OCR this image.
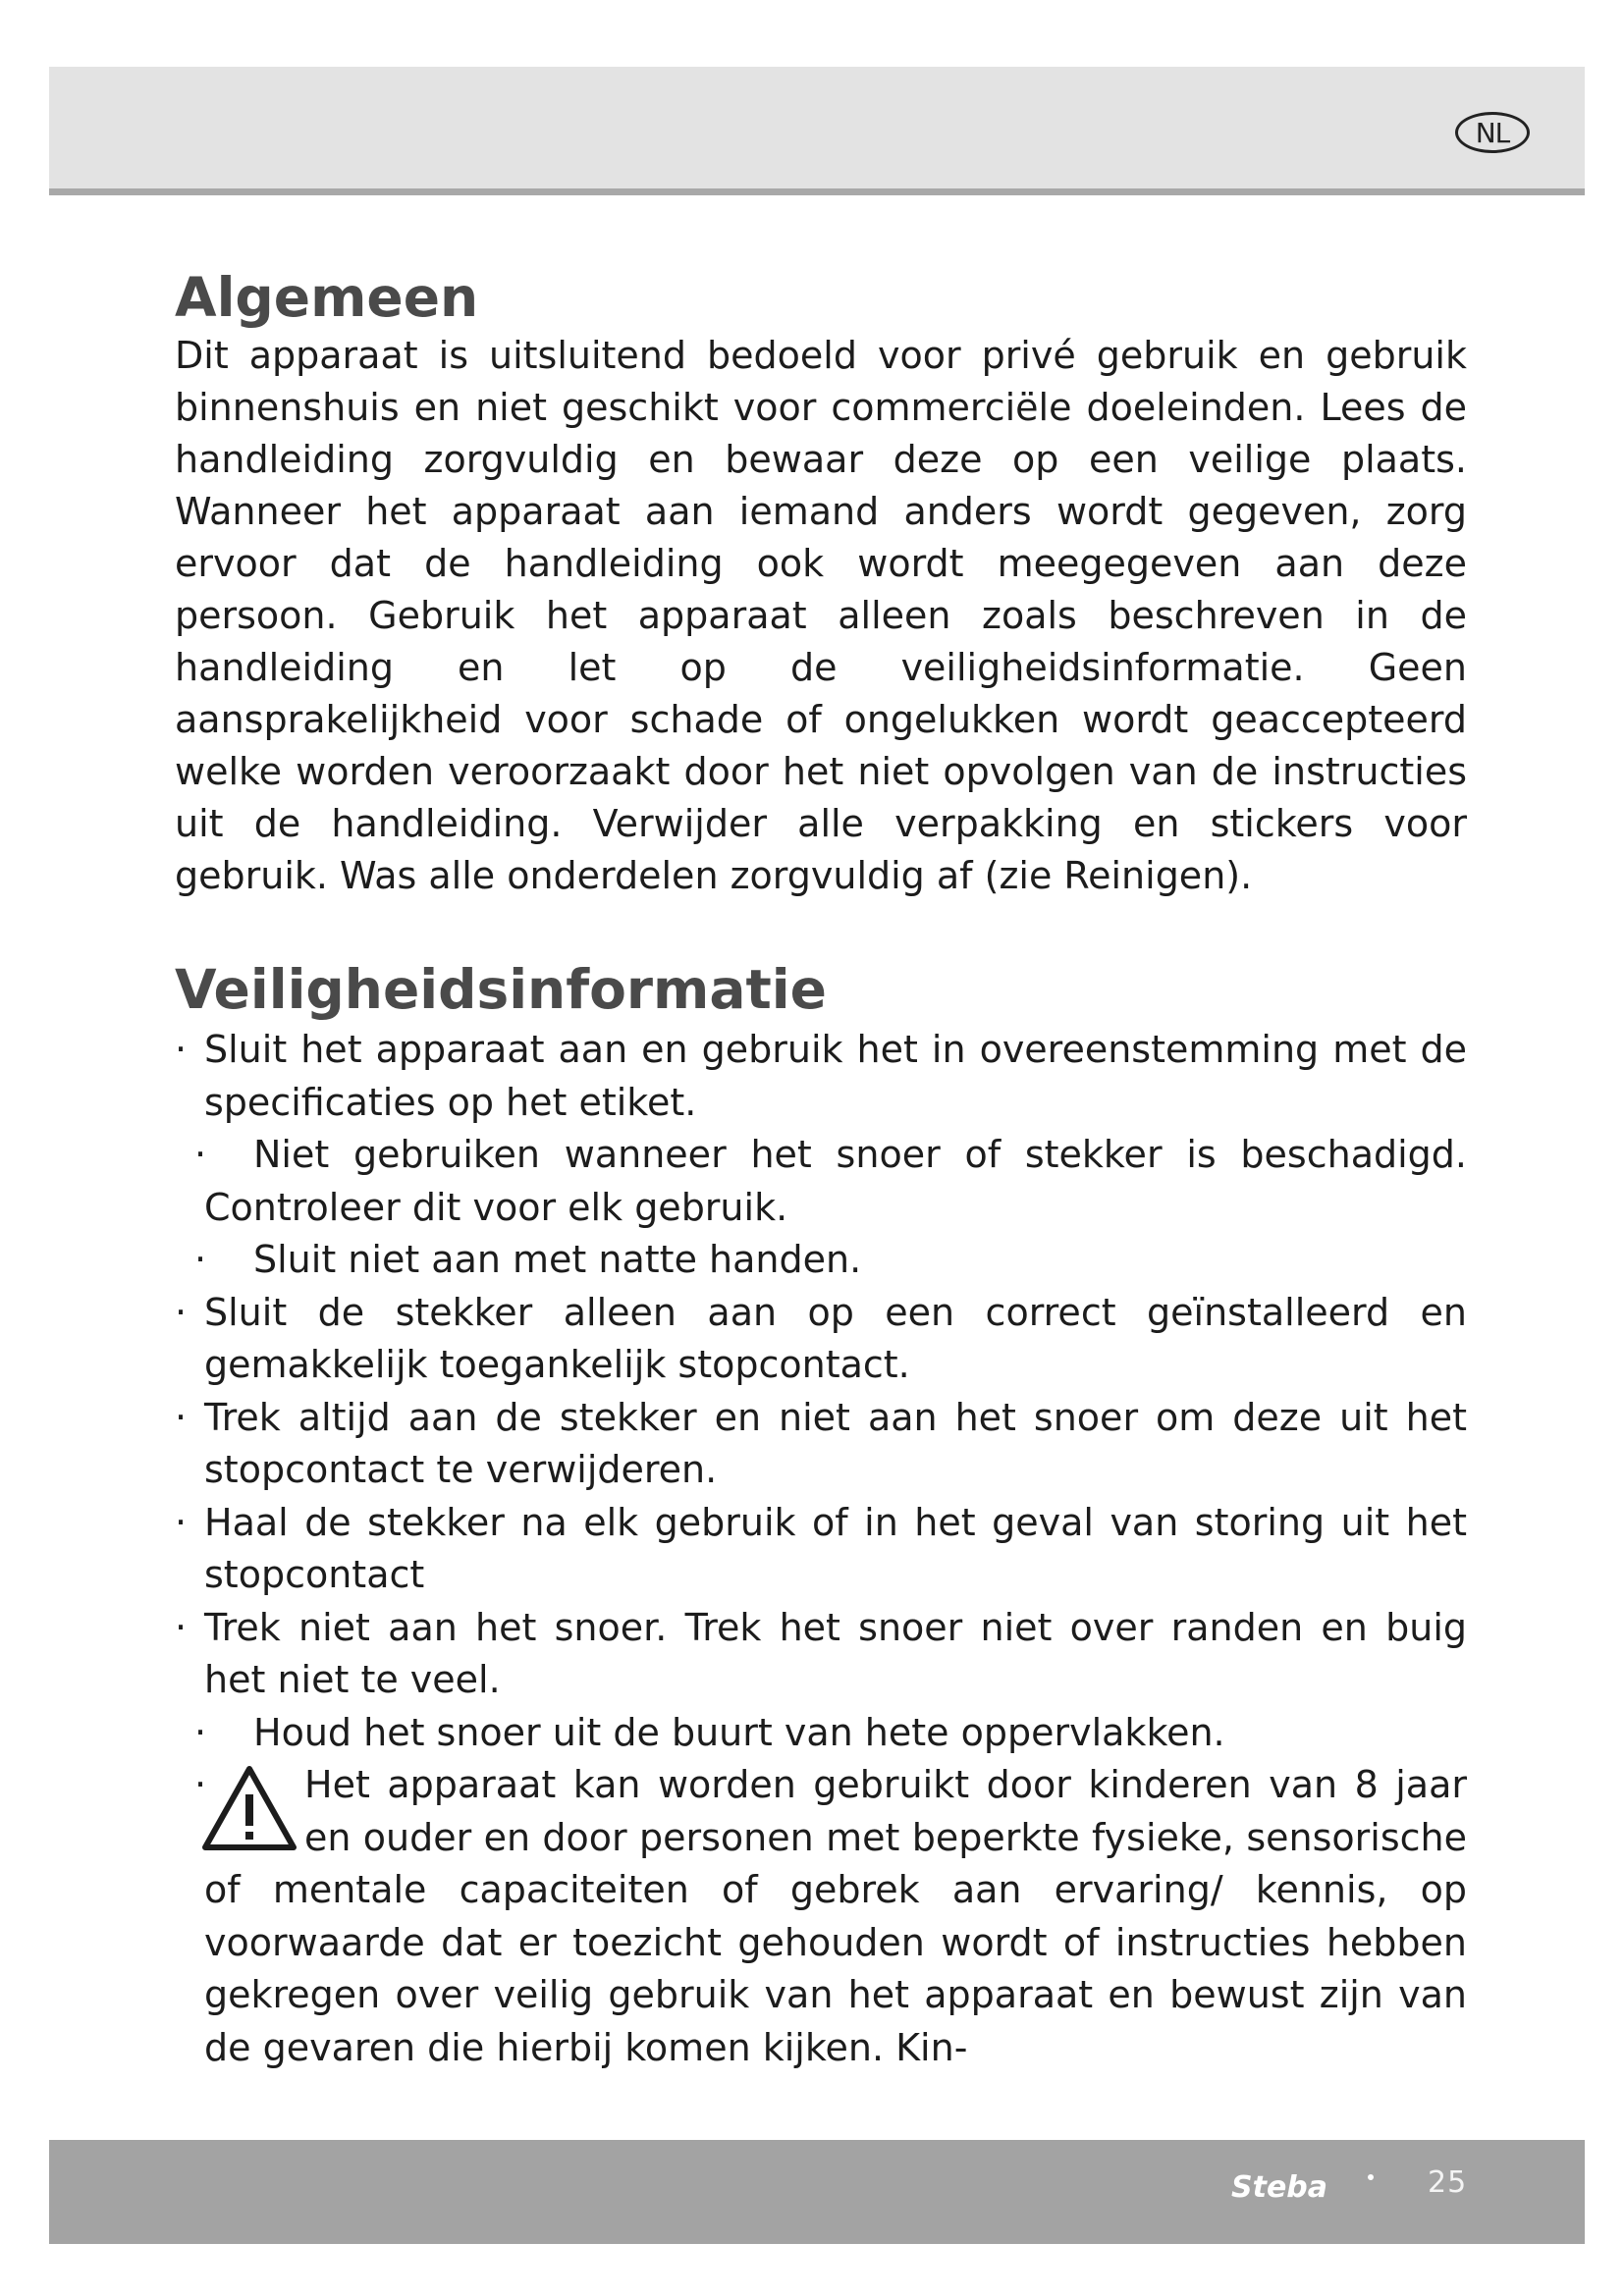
NL
Algemeen

Dit apparaat is uitsluitend bedoeld voor privé gebruik en gebruik binnenshuis en niet geschikt voor commerciële doeleinden. Lees de handleiding zorgvuldig en bewaar deze op een veilige plaats. Wanneer het apparaat aan iemand anders wordt gegeven, zorg ervoor dat de handleiding ook wordt meegegeven aan deze persoon. Gebruik het apparaat alleen zoals beschreven in de handleiding en let op de veiligheidsinformatie. Geen aansprakelijkheid voor schade of ongelukken wordt geaccepteerd welke worden veroorzaakt door het niet opvolgen van de instructies uit de handleiding. Verwijder alle verpakking en stickers voor gebruik. Was alle onderdelen zorgvuldig af (zie Reinigen).

Veiligheidsinformatie
· Sluit het apparaat aan en gebruik het in overeenstemming met de specificaties op het etiket.
· Niet gebruiken wanneer het snoer of stekker is beschadigd. Controleer dit voor elk gebruik.
· Sluit niet aan met natte handen.
· Sluit de stekker alleen aan op een correct geïnstalleerd en gemakkelijk toegankelijk stopcontact.
· Trek altijd aan de stekker en niet aan het snoer om deze uit het stopcontact te verwijderen.
· Haal de stekker na elk gebruik of in het geval van storing uit het stopcontact
· Trek niet aan het snoer. Trek het snoer niet over randen en buig het niet te veel.
· Houd het snoer uit de buurt van hete oppervlakken.
· Het apparaat kan worden gebruikt door kinderen van 8 jaar en ouder en door personen met beperkte fysieke, sensorische of mentale capaciteiten of gebrek aan ervaring/ kennis, op voorwaarde dat er toezicht gehouden wordt of instructies hebben gekregen over veilig gebruik van het apparaat en bewust zijn van de gevaren die hierbij komen kijken. Kin-
Steba	25
